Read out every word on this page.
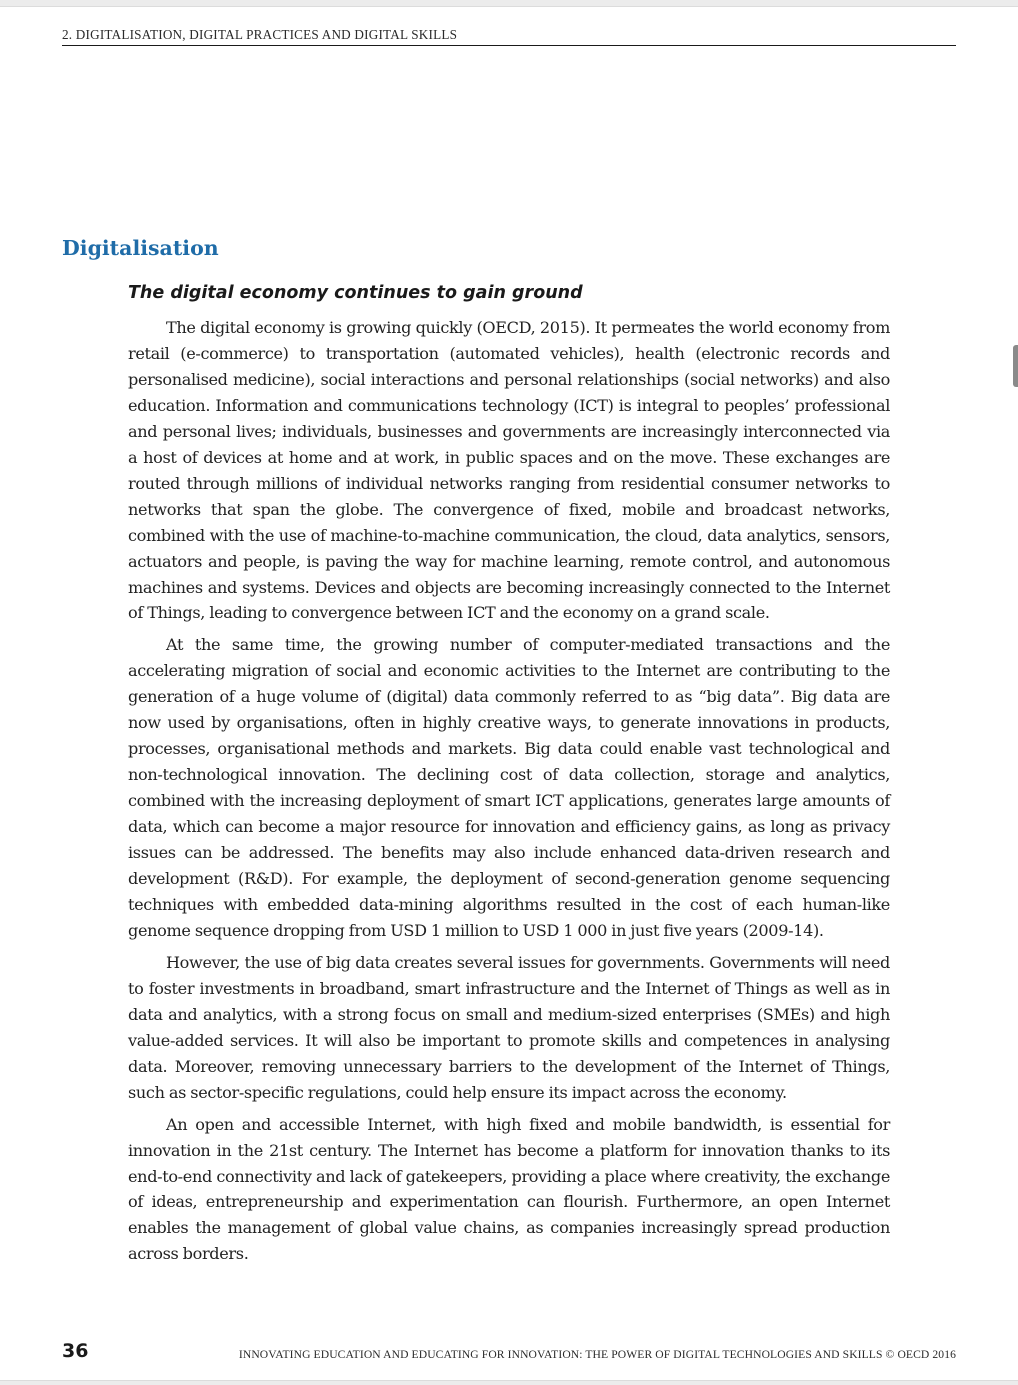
2. DIGITALISATION, DIGITAL PRACTICES AND DIGITAL SKILLS
Digitalisation
The digital economy continues to gain ground

The digital economy is growing quickly (OECD, 2015). It permeates the world economy from retail (e-commerce) to transportation (automated vehicles), health (electronic records and personalised medicine), social interactions and personal relationships (social networks) and also education. Information and communications technology (ICT) is integral to peoples’ professional and personal lives; individuals, businesses and governments are increasingly interconnected via a host of devices at home and at work, in public spaces and on the move. These exchanges are routed through millions of individual networks ranging from residential consumer networks to networks that span the globe. The convergence of fixed, mobile and broadcast networks, combined with the use of machine-to-machine communication, the cloud, data analytics, sensors, actuators and people, is paving the way for machine learning, remote control, and autonomous machines and systems. Devices and objects are becoming increasingly connected to the Internet of Things, leading to convergence between ICT and the economy on a grand scale.

At the same time, the growing number of computer-mediated transactions and the accelerating migration of social and economic activities to the Internet are contributing to the generation of a huge volume of (digital) data commonly referred to as “big data”. Big data are now used by organisations, often in highly creative ways, to generate innovations in products, processes, organisational methods and markets. Big data could enable vast technological and non-technological innovation. The declining cost of data collection, storage and analytics, combined with the increasing deployment of smart ICT applications, generates large amounts of data, which can become a major resource for innovation and efficiency gains, as long as privacy issues can be addressed. The benefits may also include enhanced data-driven research and development (R&D). For example, the deployment of second-generation genome sequencing techniques with embedded data-mining algorithms resulted in the cost of each human-like genome sequence dropping from USD 1 million to USD 1 000 in just five years (2009-14).

However, the use of big data creates several issues for governments. Governments will need to foster investments in broadband, smart infrastructure and the Internet of Things as well as in data and analytics, with a strong focus on small and medium-sized enterprises (SMEs) and high value-added services. It will also be important to promote skills and competences in analysing data. Moreover, removing unnecessary barriers to the development of the Internet of Things, such as sector-specific regulations, could help ensure its impact across the economy.

An open and accessible Internet, with high fixed and mobile bandwidth, is essential for innovation in the 21st century. The Internet has become a platform for innovation thanks to its end-to-end connectivity and lack of gatekeepers, providing a place where creativity, the exchange of ideas, entrepreneurship and experimentation can flourish. Furthermore, an open Internet enables the management of global value chains, as companies increasingly spread production across borders.

36	INNOVATING EDUCATION AND EDUCATING FOR INNOVATION: THE POWER OF DIGITAL TECHNOLOGIES AND SKILLS © OECD 2016
